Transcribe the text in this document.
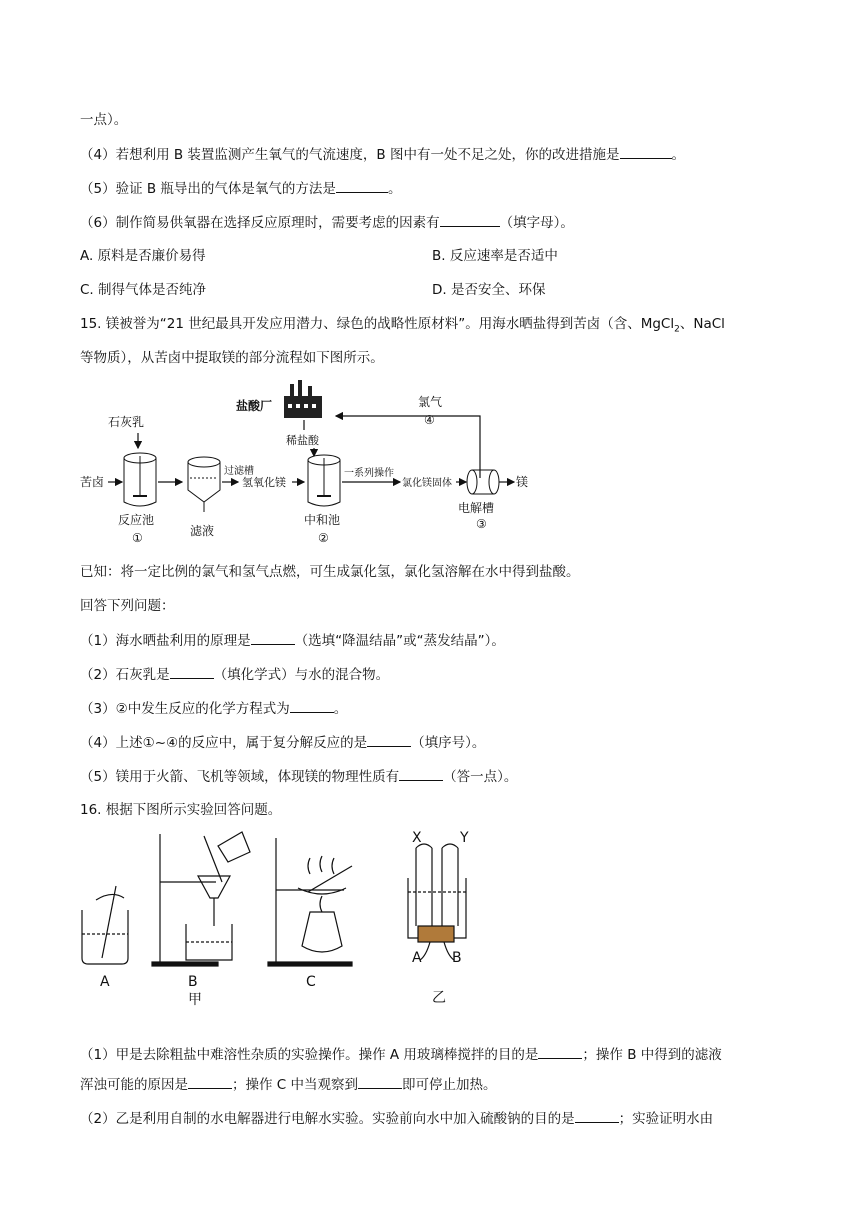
一点）。
（4）若想利用 B 装置监测产生氧气的气流速度，B 图中有一处不足之处，你的改进措施是	。
（5）验证 B 瓶导出的气体是氧气的方法是	。
（6）制作简易供氧器在选择反应原理时，需要考虑的因素有	（填字母）。
A. 原料是否廉价易得	B. 反应速率是否适中
C. 制得气体是否纯净	D. 是否安全、环保
15. 镁被誉为“21 世纪最具开发应用潜力、绿色的战略性原材料”。用海水晒盐得到苦卤（含、MgCl$_2$、NaCl
等物质），从苦卤中提取镁的部分流程如下图所示。
盐酸厂	氯气
④
石灰乳
稀盐酸
苦卤
滤液
过滤槽
氢氧化镁
一系列操作
氯化镁固体	镁
反应池
①
中和池
②
电解槽
③
已知：将一定比例的氯气和氢气点燃，可生成氯化氢，氯化氢溶解在水中得到盐酸。
回答下列问题：
（1）海水晒盐利用的原理是	（选填“降温结晶”或“蒸发结晶”）。
（2）石灰乳是	（填化学式）与水的混合物。
（3）②中发生反应的化学方程式为	。
（4）上述①~④的反应中，属于复分解反应的是	（填序号）。
（5）镁用于火箭、飞机等领域，体现镁的物理性质有	（答一点）。
16. 根据下图所示实验回答问题。
A	B	C
甲
X	Y
A B
乙
（1）甲是去除粗盐中难溶性杂质的实验操作。操作 A 用玻璃棒搅拌的目的是	；操作 B 中得到的滤液
浑浊可能的原因是	；操作 C 中当观察到	即可停止加热。
（2）乙是利用自制的水电解器进行电解水实验。实验前向水中加入硫酸钠的目的是	；实验证明水由
